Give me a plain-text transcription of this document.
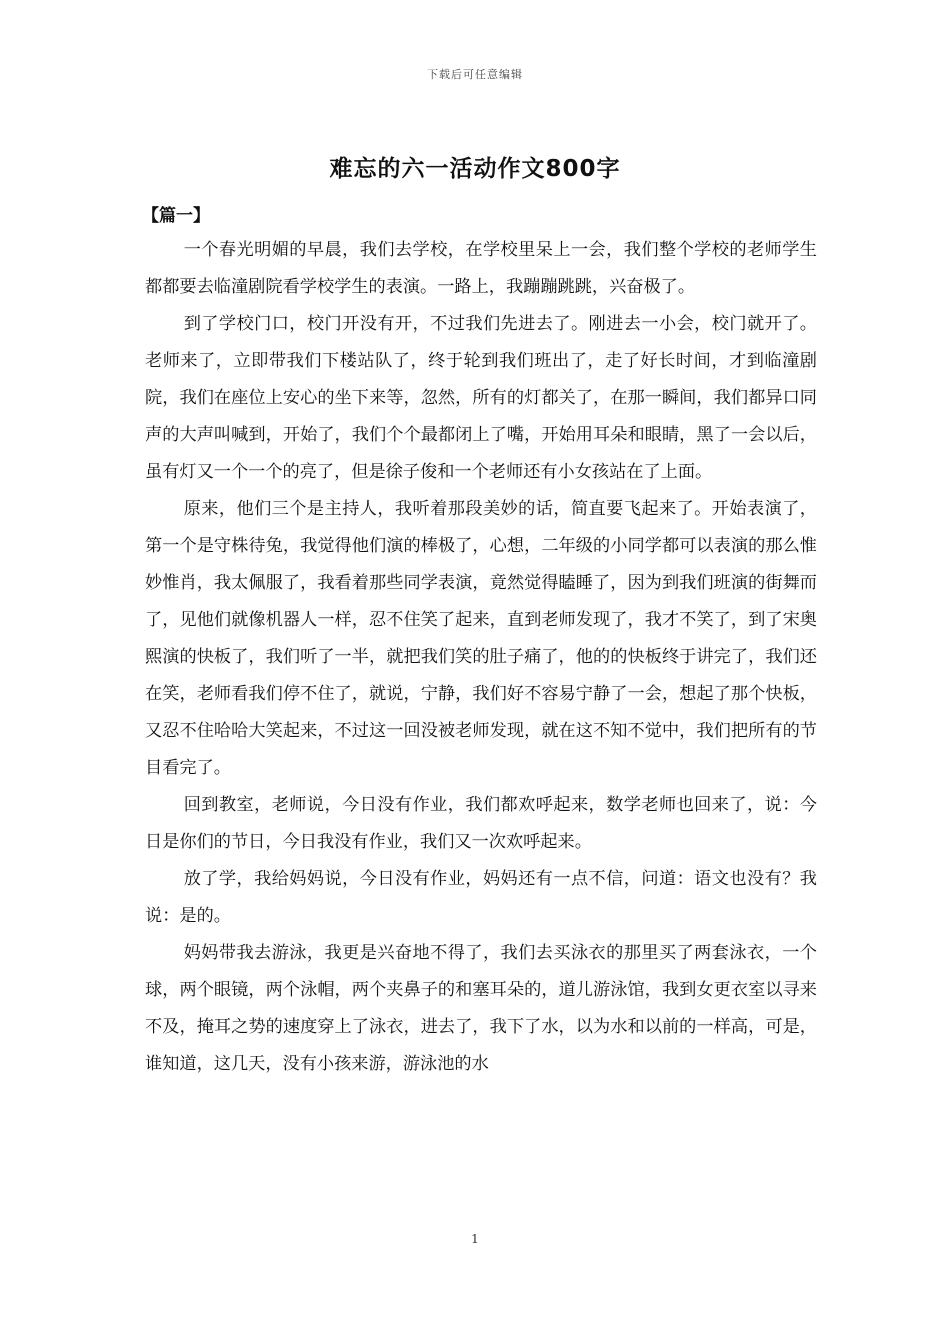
下载后可任意编辑
难忘的六一活动作文800字
【篇一】

一个春光明媚的早晨，我们去学校，在学校里呆上一会，我们整个学校的老师学生都都要去临潼剧院看学校学生的表演。一路上，我蹦蹦跳跳，兴奋极了。

到了学校门口，校门开没有开，不过我们先进去了。刚进去一小会，校门就开了。老师来了，立即带我们下楼站队了，终于轮到我们班出了，走了好长时间，才到临潼剧院，我们在座位上安心的坐下来等，忽然，所有的灯都关了，在那一瞬间，我们都异口同声的大声叫喊到，开始了，我们个个最都闭上了嘴，开始用耳朵和眼睛，黑了一会以后，虽有灯又一个一个的亮了，但是徐子俊和一个老师还有小女孩站在了上面。

原来，他们三个是主持人，我听着那段美妙的话，简直要飞起来了。开始表演了，第一个是守株待兔，我觉得他们演的棒极了，心想，二年级的小同学都可以表演的那么惟妙惟肖，我太佩服了，我看着那些同学表演，竟然觉得瞌睡了，因为到我们班演的街舞而了，见他们就像机器人一样，忍不住笑了起来，直到老师发现了，我才不笑了，到了宋奥熙演的快板了，我们听了一半，就把我们笑的肚子痛了，他的的快板终于讲完了，我们还在笑，老师看我们停不住了，就说，宁静，我们好不容易宁静了一会，想起了那个快板，又忍不住哈哈大笑起来，不过这一回没被老师发现，就在这不知不觉中，我们把所有的节目看完了。

回到教室，老师说，今日没有作业，我们都欢呼起来，数学老师也回来了，说：今日是你们的节日，今日我没有作业，我们又一次欢呼起来。

放了学，我给妈妈说，今日没有作业，妈妈还有一点不信，问道：语文也没有？我说：是的。

妈妈带我去游泳，我更是兴奋地不得了，我们去买泳衣的那里买了两套泳衣，一个球，两个眼镜，两个泳帽，两个夹鼻子的和塞耳朵的，道儿游泳馆，我到女更衣室以寻来不及，掩耳之势的速度穿上了泳衣，进去了，我下了水，以为水和以前的一样高，可是，谁知道，这几天，没有小孩来游，游泳池的水

1
